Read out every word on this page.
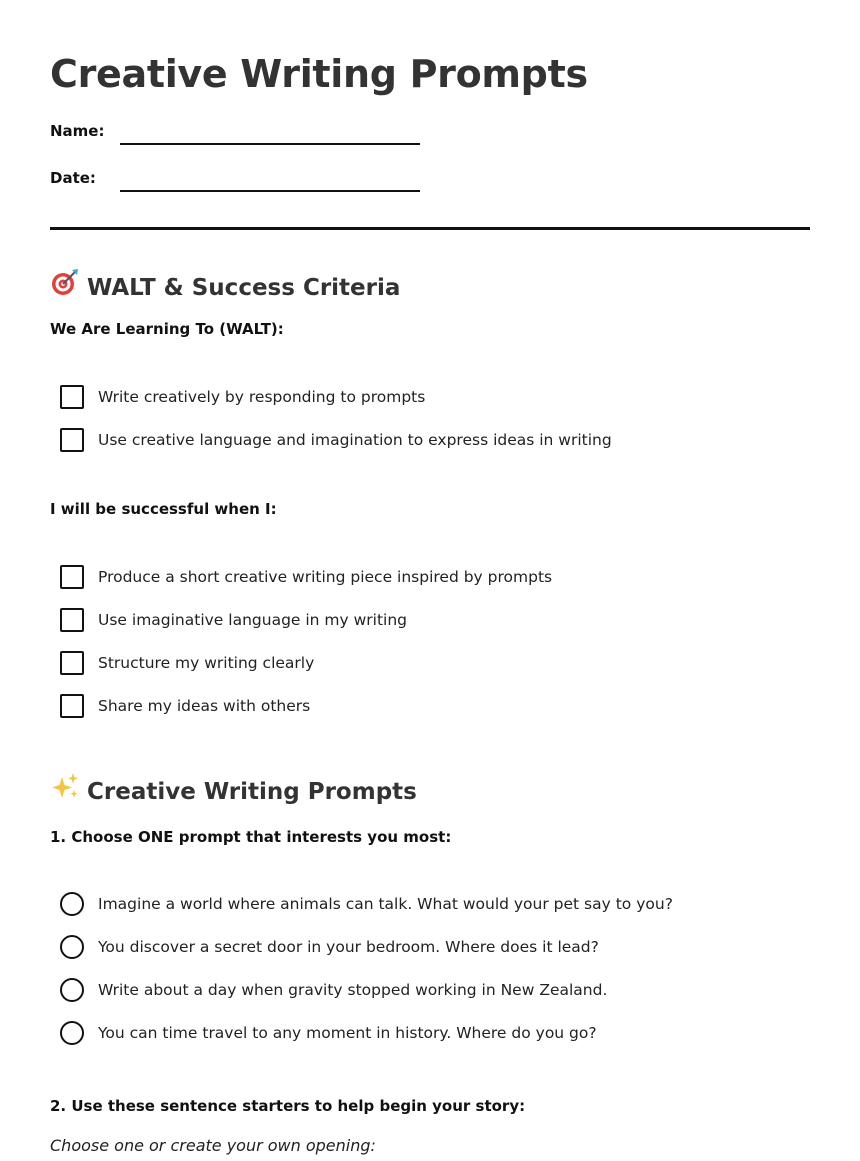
Creative Writing Prompts
Name:
Date:
WALT & Success Criteria
We Are Learning To (WALT):
Write creatively by responding to prompts
Use creative language and imagination to express ideas in writing
I will be successful when I:
Produce a short creative writing piece inspired by prompts
Use imaginative language in my writing
Structure my writing clearly
Share my ideas with others
Creative Writing Prompts
1. Choose ONE prompt that interests you most:
Imagine a world where animals can talk. What would your pet say to you?
You discover a secret door in your bedroom. Where does it lead?
Write about a day when gravity stopped working in New Zealand.
You can time travel to any moment in history. Where do you go?
2. Use these sentence starters to help begin your story:
Choose one or create your own opening:
